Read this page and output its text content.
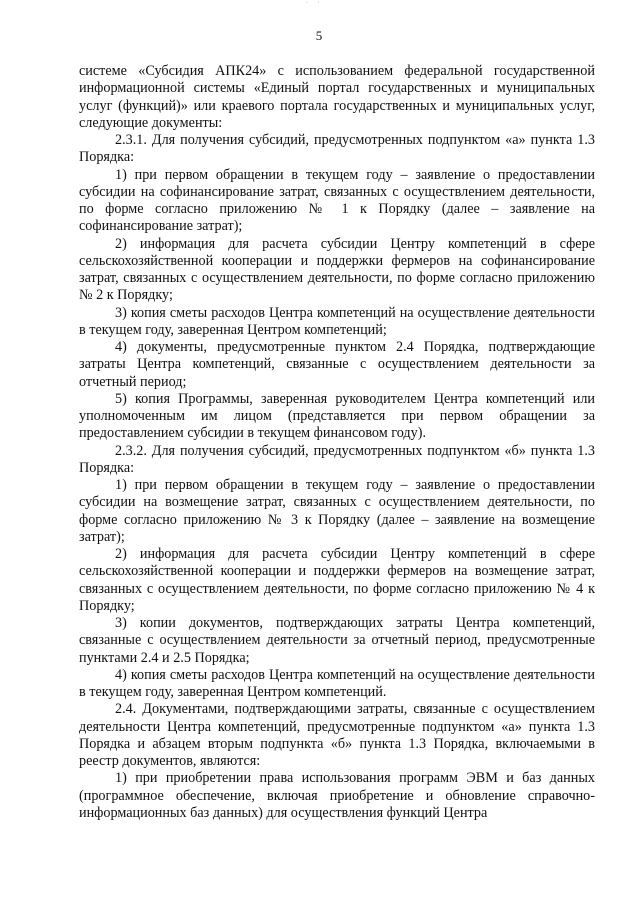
· ·
5

системе «Субсидия АПК24» с использованием федеральной государственной информационной системы «Единый портал государственных и муниципальных услуг (функций)» или краевого портала государственных и муниципальных услуг, следующие документы:

2.3.1. Для получения субсидий, предусмотренных подпунктом «а» пункта 1.3 Порядка:

1) при первом обращении в текущем году – заявление о предоставлении субсидии на софинансирование затрат, связанных с осуществлением деятельности, по форме согласно приложению № 1 к Порядку (далее – заявление на софинансирование затрат);

2) информация для расчета субсидии Центру компетенций в сфере сельскохозяйственной кооперации и поддержки фермеров на софинансирование затрат, связанных с осуществлением деятельности, по форме согласно приложению № 2 к Порядку;

3) копия сметы расходов Центра компетенций на осуществление деятельности в текущем году, заверенная Центром компетенций;

4) документы, предусмотренные пунктом 2.4 Порядка, подтверждающие затраты Центра компетенций, связанные с осуществлением деятельности за отчетный период;

5) копия Программы, заверенная руководителем Центра компетенций или уполномоченным им лицом (представляется при первом обращении за предоставлением субсидии в текущем финансовом году).

2.3.2. Для получения субсидий, предусмотренных подпунктом «б» пункта 1.3 Порядка:

1) при первом обращении в текущем году – заявление о предоставлении субсидии на возмещение затрат, связанных с осуществлением деятельности, по форме согласно приложению № 3 к Порядку (далее – заявление на возмещение затрат);

2) информация для расчета субсидии Центру компетенций в сфере сельскохозяйственной кооперации и поддержки фермеров на возмещение затрат, связанных с осуществлением деятельности, по форме согласно приложению № 4 к Порядку;

3) копии документов, подтверждающих затраты Центра компетенций, связанные с осуществлением деятельности за отчетный период, предусмотренные пунктами 2.4 и 2.5 Порядка;

4) копия сметы расходов Центра компетенций на осуществление деятельности в текущем году, заверенная Центром компетенций.

2.4. Документами, подтверждающими затраты, связанные с осуществлением деятельности Центра компетенций, предусмотренные подпунктом «а» пункта 1.3 Порядка и абзацем вторым подпункта «б» пункта 1.3 Порядка, включаемыми в реестр документов, являются:

1) при приобретении права использования программ ЭВМ и баз данных (программное обеспечение, включая приобретение и обновление справочно-информационных баз данных) для осуществления функций Центра
